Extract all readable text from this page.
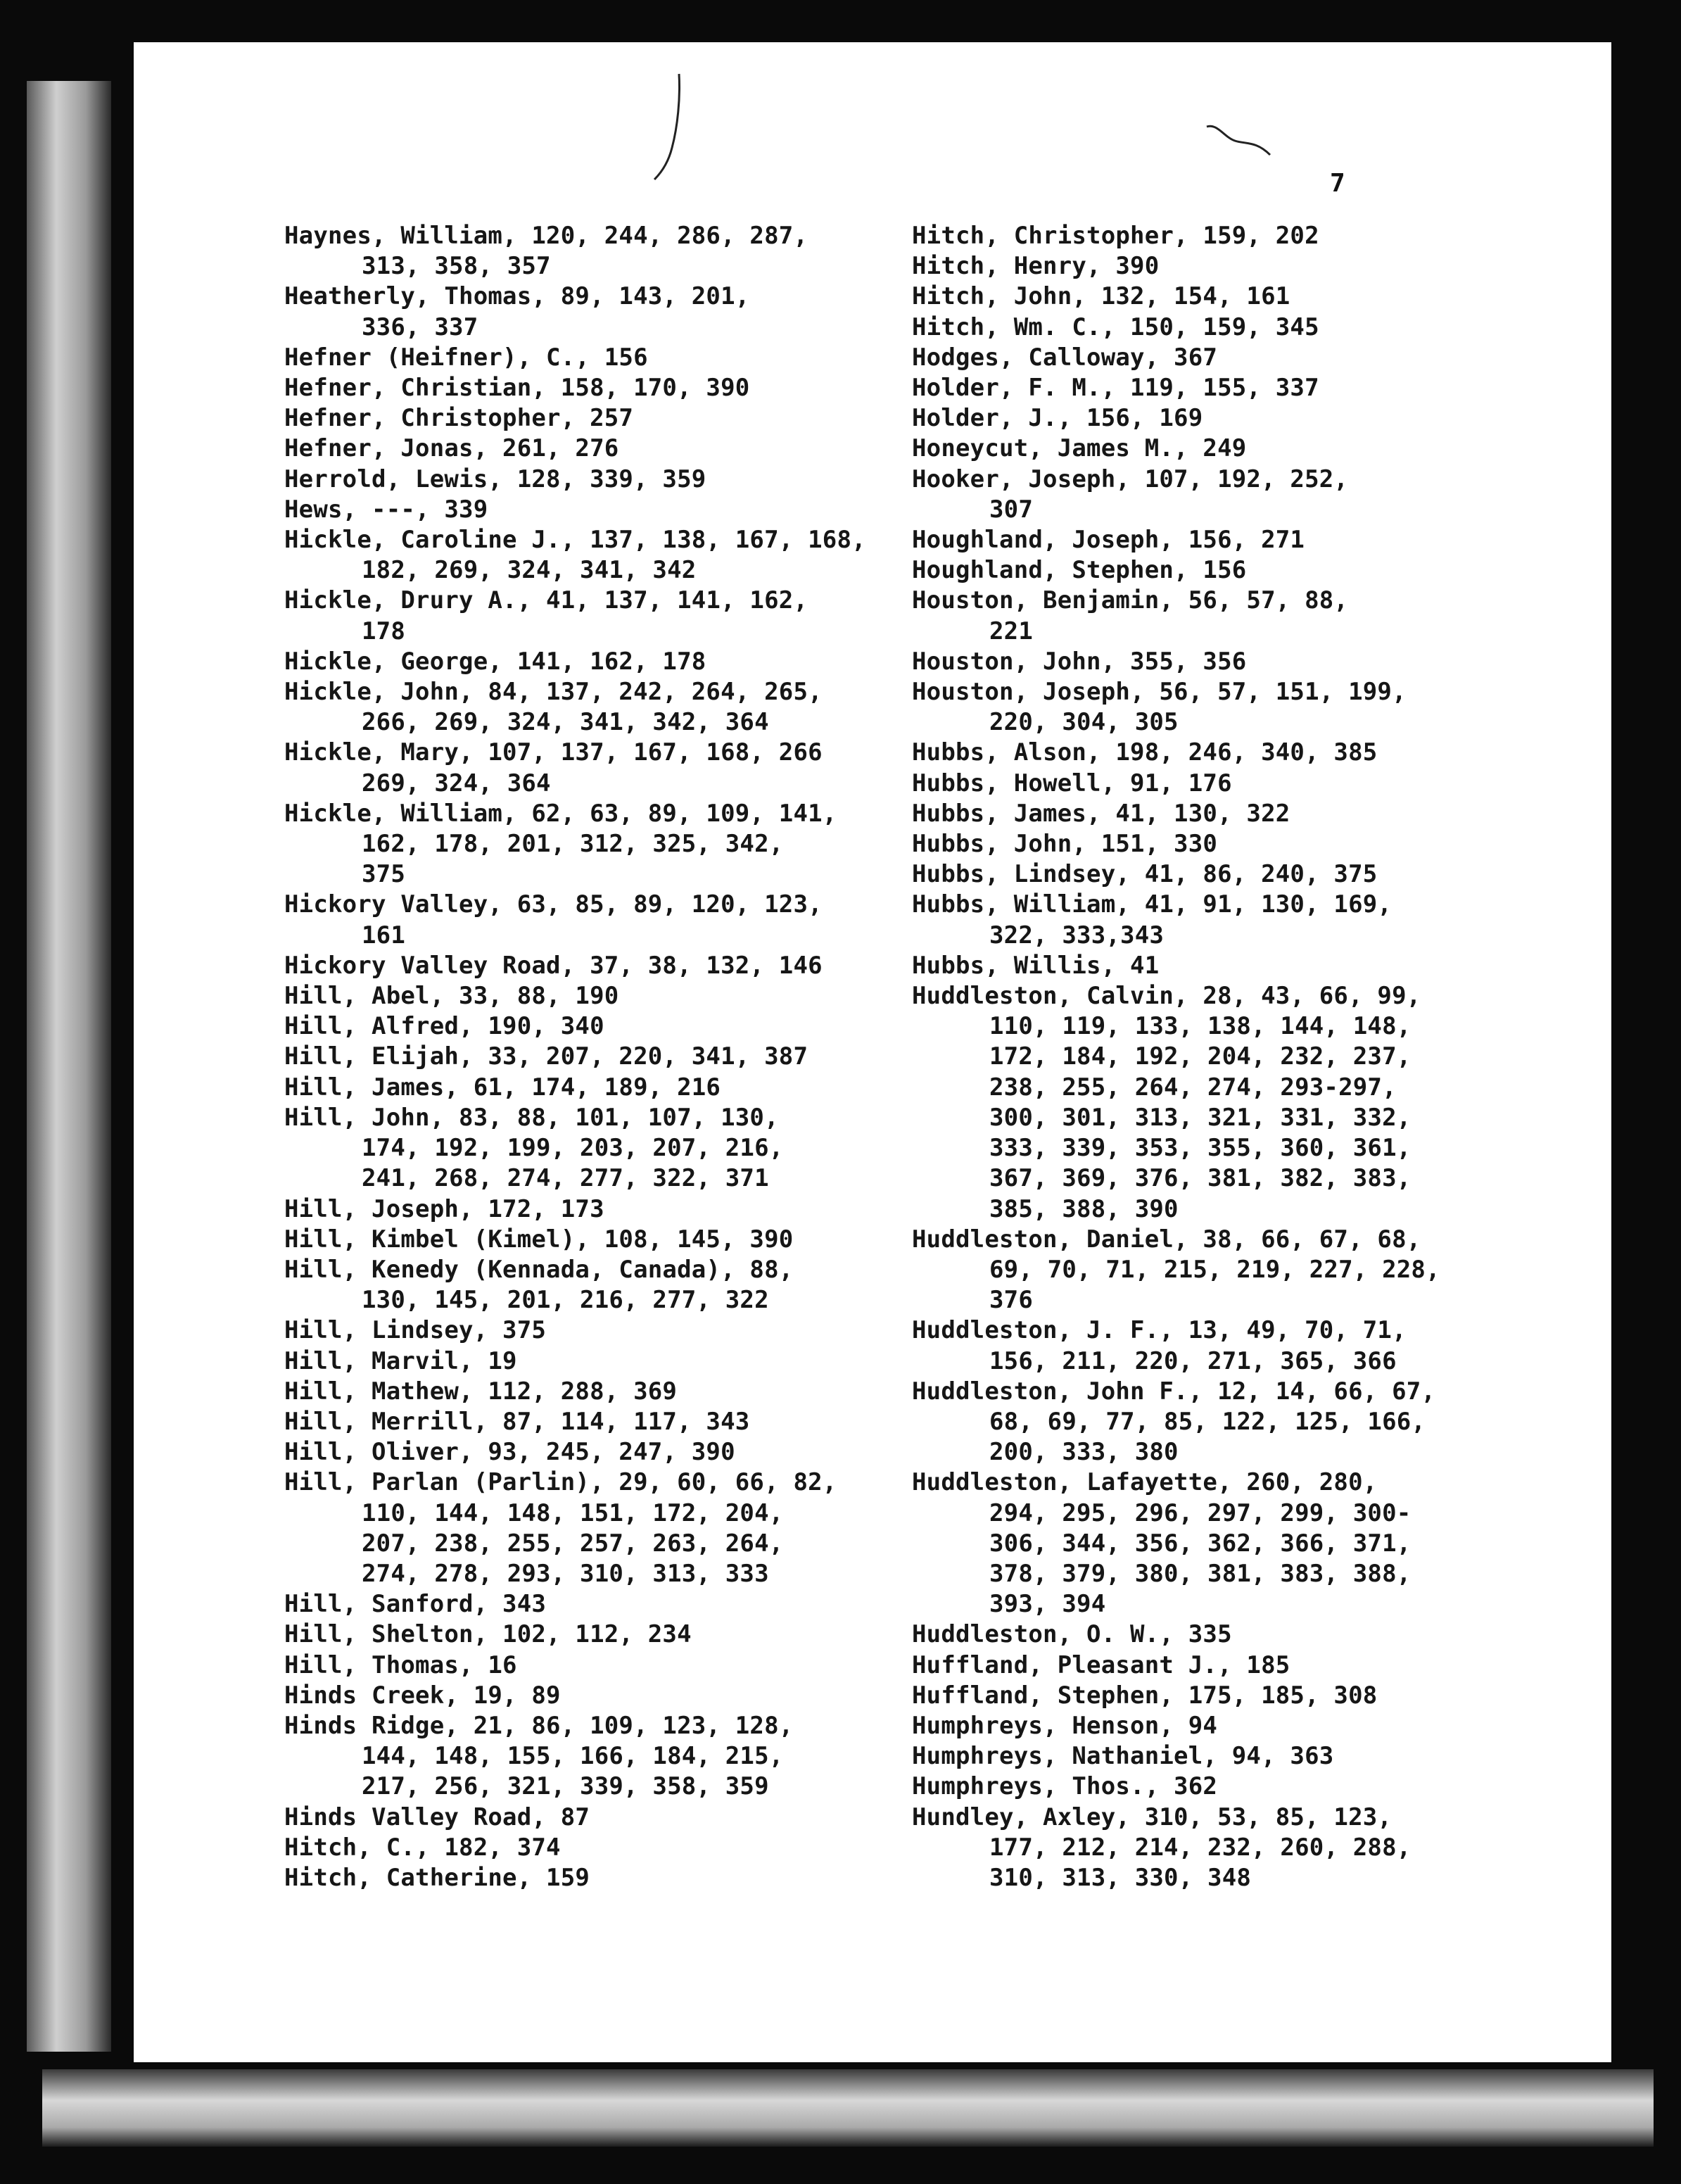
7
Haynes, William, 120, 244, 286, 287,
313, 358, 357
Heatherly, Thomas, 89, 143, 201,
336, 337
Hefner (Heifner), C., 156
Hefner, Christian, 158, 170, 390
Hefner, Christopher, 257
Hefner, Jonas, 261, 276
Herrold, Lewis, 128, 339, 359
Hews, ---, 339
Hickle, Caroline J., 137, 138, 167, 168,
182, 269, 324, 341, 342
Hickle, Drury A., 41, 137, 141, 162,
178
Hickle, George, 141, 162, 178
Hickle, John, 84, 137, 242, 264, 265,
266, 269, 324, 341, 342, 364
Hickle, Mary, 107, 137, 167, 168, 266
269, 324, 364
Hickle, William, 62, 63, 89, 109, 141,
162, 178, 201, 312, 325, 342,
375
Hickory Valley, 63, 85, 89, 120, 123,
161
Hickory Valley Road, 37, 38, 132, 146
Hill, Abel, 33, 88, 190
Hill, Alfred, 190, 340
Hill, Elijah, 33, 207, 220, 341, 387
Hill, James, 61, 174, 189, 216
Hill, John, 83, 88, 101, 107, 130,
174, 192, 199, 203, 207, 216,
241, 268, 274, 277, 322, 371
Hill, Joseph, 172, 173
Hill, Kimbel (Kimel), 108, 145, 390
Hill, Kenedy (Kennada, Canada), 88,
130, 145, 201, 216, 277, 322
Hill, Lindsey, 375
Hill, Marvil, 19
Hill, Mathew, 112, 288, 369
Hill, Merrill, 87, 114, 117, 343
Hill, Oliver, 93, 245, 247, 390
Hill, Parlan (Parlin), 29, 60, 66, 82,
110, 144, 148, 151, 172, 204,
207, 238, 255, 257, 263, 264,
274, 278, 293, 310, 313, 333
Hill, Sanford, 343
Hill, Shelton, 102, 112, 234
Hill, Thomas, 16
Hinds Creek, 19, 89
Hinds Ridge, 21, 86, 109, 123, 128,
144, 148, 155, 166, 184, 215,
217, 256, 321, 339, 358, 359
Hinds Valley Road, 87
Hitch, C., 182, 374
Hitch, Catherine, 159
Hitch, Christopher, 159, 202
Hitch, Henry, 390
Hitch, John, 132, 154, 161
Hitch, Wm. C., 150, 159, 345
Hodges, Calloway, 367
Holder, F. M., 119, 155, 337
Holder, J., 156, 169
Honeycut, James M., 249
Hooker, Joseph, 107, 192, 252,
307
Houghland, Joseph, 156, 271
Houghland, Stephen, 156
Houston, Benjamin, 56, 57, 88,
221
Houston, John, 355, 356
Houston, Joseph, 56, 57, 151, 199,
220, 304, 305
Hubbs, Alson, 198, 246, 340, 385
Hubbs, Howell, 91, 176
Hubbs, James, 41, 130, 322
Hubbs, John, 151, 330
Hubbs, Lindsey, 41, 86, 240, 375
Hubbs, William, 41, 91, 130, 169,
322, 333,343
Hubbs, Willis, 41
Huddleston, Calvin, 28, 43, 66, 99,
110, 119, 133, 138, 144, 148,
172, 184, 192, 204, 232, 237,
238, 255, 264, 274, 293-297,
300, 301, 313, 321, 331, 332,
333, 339, 353, 355, 360, 361,
367, 369, 376, 381, 382, 383,
385, 388, 390
Huddleston, Daniel, 38, 66, 67, 68,
69, 70, 71, 215, 219, 227, 228,
376
Huddleston, J. F., 13, 49, 70, 71,
156, 211, 220, 271, 365, 366
Huddleston, John F., 12, 14, 66, 67,
68, 69, 77, 85, 122, 125, 166,
200, 333, 380
Huddleston, Lafayette, 260, 280,
294, 295, 296, 297, 299, 300-
306, 344, 356, 362, 366, 371,
378, 379, 380, 381, 383, 388,
393, 394
Huddleston, O. W., 335
Huffland, Pleasant J., 185
Huffland, Stephen, 175, 185, 308
Humphreys, Henson, 94
Humphreys, Nathaniel, 94, 363
Humphreys, Thos., 362
Hundley, Axley, 310, 53, 85, 123,
177, 212, 214, 232, 260, 288,
310, 313, 330, 348
